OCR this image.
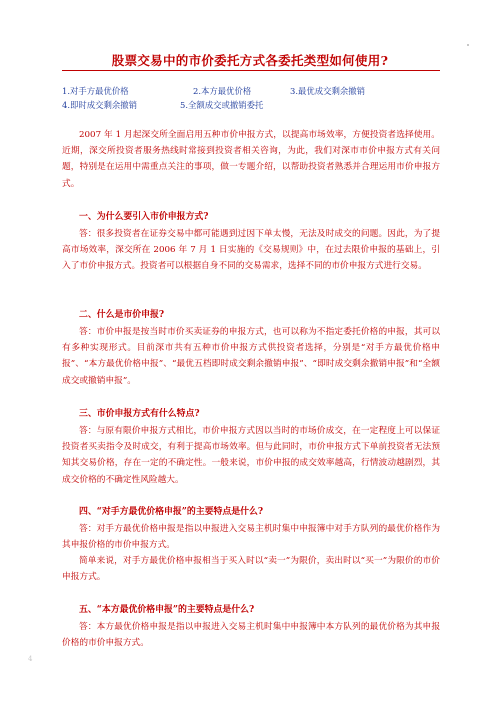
股票交易中的市价委托方式各委托类型如何使用?
1.对手方最优价格	2.本方最优价格	3.最优成交剩余撤销
4.即时成交剩余撤销	5.全额成交或撤销委托

2007 年 1 月起深交所全面启用五种市价申报方式，以提高市场效率，方便投资者选择使用。近期，深交所投资者服务热线时常接到投资者相关咨询，为此，我们对深市市价申报方式有关问题，特别是在运用中需重点关注的事项，做一专题介绍，以帮助投资者熟悉并合理运用市价申报方式。

一、为什么要引入市价申报方式?

答：很多投资者在证券交易中都可能遇到过因下单太慢，无法及时成交的问题。因此，为了提高市场效率，深交所在 2006 年 7 月 1 日实施的《交易规则》中，在过去限价申报的基础上，引入了市价申报方式。投资者可以根据自身不同的交易需求，选择不同的市价申报方式进行交易。

二、什么是市价申报?

答：市价申报是按当时市价买卖证券的申报方式，也可以称为不指定委托价格的申报，其可以有多种实现形式。目前深市共有五种市价申报方式供投资者选择，分别是“对手方最优价格申报”、“本方最优价格申报”、“最优五档即时成交剩余撤销申报”、“即时成交剩余撤销申报”和“全额成交或撤销申报”。

三、市价申报方式有什么特点?

答：与原有限价申报方式相比，市价申报方式因以当时的市场价成交，在一定程度上可以保证投资者买卖指令及时成交，有利于提高市场效率。但与此同时，市价申报方式下单前投资者无法预知其交易价格，存在一定的不确定性。一般来说，市价申报的成交效率越高，行情波动越剧烈，其成交价格的不确定性风险越大。

四、“对手方最优价格申报”的主要特点是什么?

答：对手方最优价格申报是指以申报进入交易主机时集中申报簿中对手方队列的最优价格作为其申报价格的市价申报方式。

简单来说，对手方最优价格申报相当于买入时以“卖一”为限价，卖出时以“买一”为限价的市价申报方式。

五、“本方最优价格申报”的主要特点是什么?

答：本方最优价格申报是指以申报进入交易主机时集中申报簿中本方队列的最优价格为其申报价格的市价申报方式。

4
